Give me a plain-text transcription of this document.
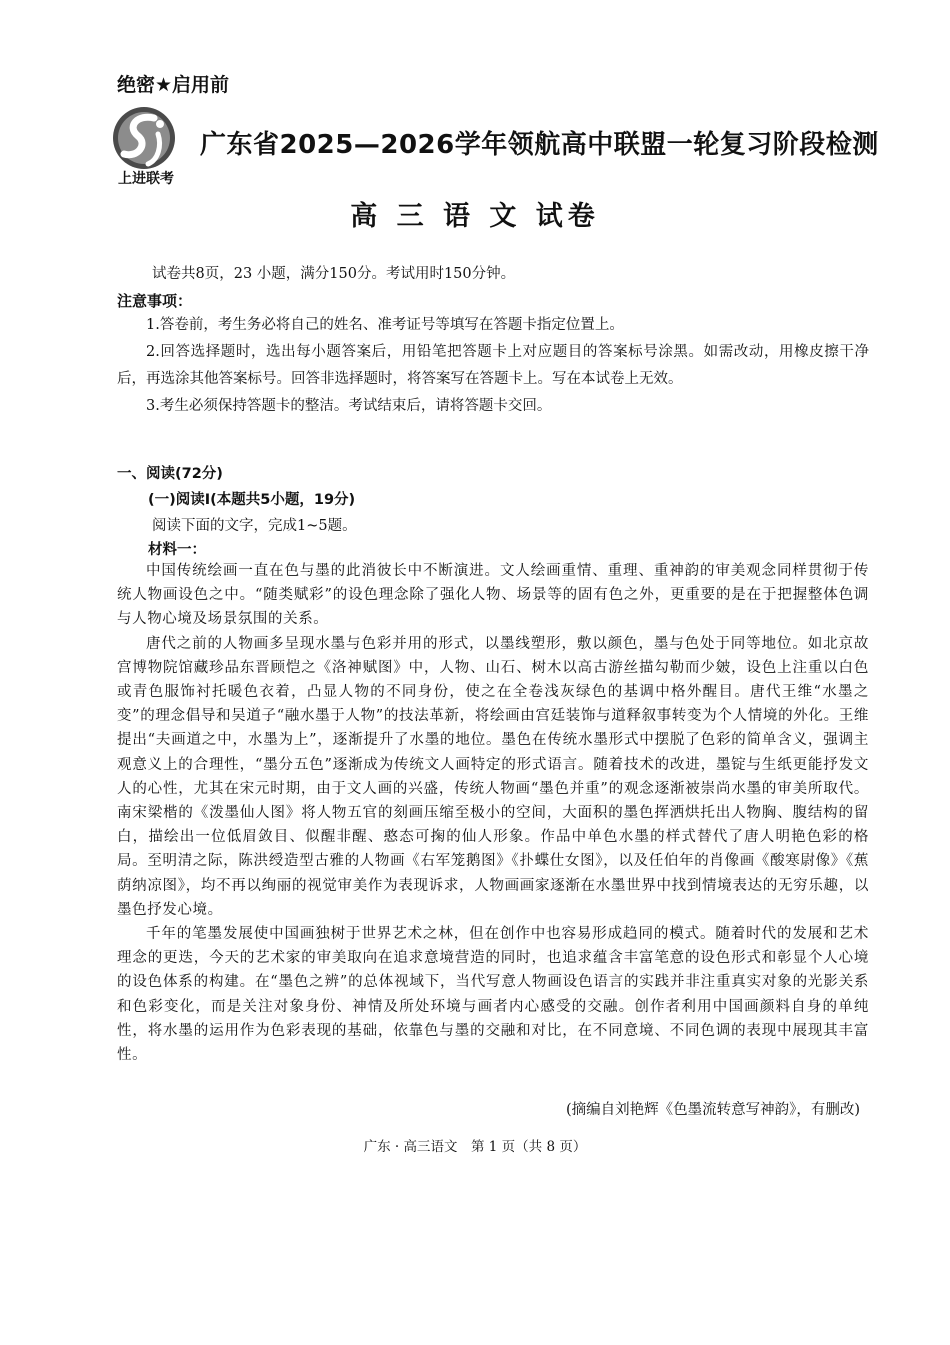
绝密★启用前
上进联考
广东省2025—2026学年领航高中联盟一轮复习阶段检测
高 三 语 文 试卷
试卷共8页，23 小题，满分150分。考试用时150分钟。
注意事项：

1.答卷前，考生务必将自己的姓名、准考证号等填写在答题卡指定位置上。

2.回答选择题时，选出每小题答案后，用铅笔把答题卡上对应题目的答案标号涂黑。如需改动，用橡皮擦干净后，再选涂其他答案标号。回答非选择题时，将答案写在答题卡上。写在本试卷上无效。

3.考生必须保持答题卡的整洁。考试结束后，请将答题卡交回。

一、阅读(72分)
(一)阅读Ⅰ(本题共5小题，19分)
阅读下面的文字，完成1~5题。
材料一：

中国传统绘画一直在色与墨的此消彼长中不断演进。文人绘画重情、重理、重神韵的审美观念同样贯彻于传统人物画设色之中。“随类赋彩”的设色理念除了强化人物、场景等的固有色之外，更重要的是在于把握整体色调与人物心境及场景氛围的关系。

唐代之前的人物画多呈现水墨与色彩并用的形式，以墨线塑形，敷以颜色，墨与色处于同等地位。如北京故宫博物院馆藏珍品东晋顾恺之《洛神赋图》中，人物、山石、树木以高古游丝描勾勒而少皴，设色上注重以白色或青色服饰衬托暖色衣着，凸显人物的不同身份，使之在全卷浅灰绿色的基调中格外醒目。唐代王维“水墨之变”的理念倡导和吴道子“融水墨于人物”的技法革新，将绘画由宫廷装饰与道释叙事转变为个人情境的外化。王维提出“夫画道之中，水墨为上”，逐渐提升了水墨的地位。墨色在传统水墨形式中摆脱了色彩的简单含义，强调主观意义上的合理性，“墨分五色”逐渐成为传统文人画特定的形式语言。随着技术的改进，墨锭与生纸更能抒发文人的心性，尤其在宋元时期，由于文人画的兴盛，传统人物画“墨色并重”的观念逐渐被崇尚水墨的审美所取代。南宋梁楷的《泼墨仙人图》将人物五官的刻画压缩至极小的空间，大面积的墨色挥洒烘托出人物胸、腹结构的留白，描绘出一位低眉敛目、似醒非醒、憨态可掬的仙人形象。作品中单色水墨的样式替代了唐人明艳色彩的格局。至明清之际，陈洪绶造型古雅的人物画《右军笼鹅图》《扑蝶仕女图》，以及任伯年的肖像画《酸寒尉像》《蕉荫纳凉图》，均不再以绚丽的视觉审美作为表现诉求，人物画画家逐渐在水墨世界中找到情境表达的无穷乐趣，以墨色抒发心境。

千年的笔墨发展使中国画独树于世界艺术之林，但在创作中也容易形成趋同的模式。随着时代的发展和艺术理念的更迭，今天的艺术家的审美取向在追求意境营造的同时，也追求蕴含丰富笔意的设色形式和彰显个人心境的设色体系的构建。在“墨色之辨”的总体视域下，当代写意人物画设色语言的实践并非注重真实对象的光影关系和色彩变化，而是关注对象身份、神情及所处环境与画者内心感受的交融。创作者利用中国画颜料自身的单纯性，将水墨的运用作为色彩表现的基础，依靠色与墨的交融和对比，在不同意境、不同色调的表现中展现其丰富性。

(摘编自刘艳辉《色墨流转意写神韵》，有删改)
广东 · 高三语文　第 1 页（共 8 页）
